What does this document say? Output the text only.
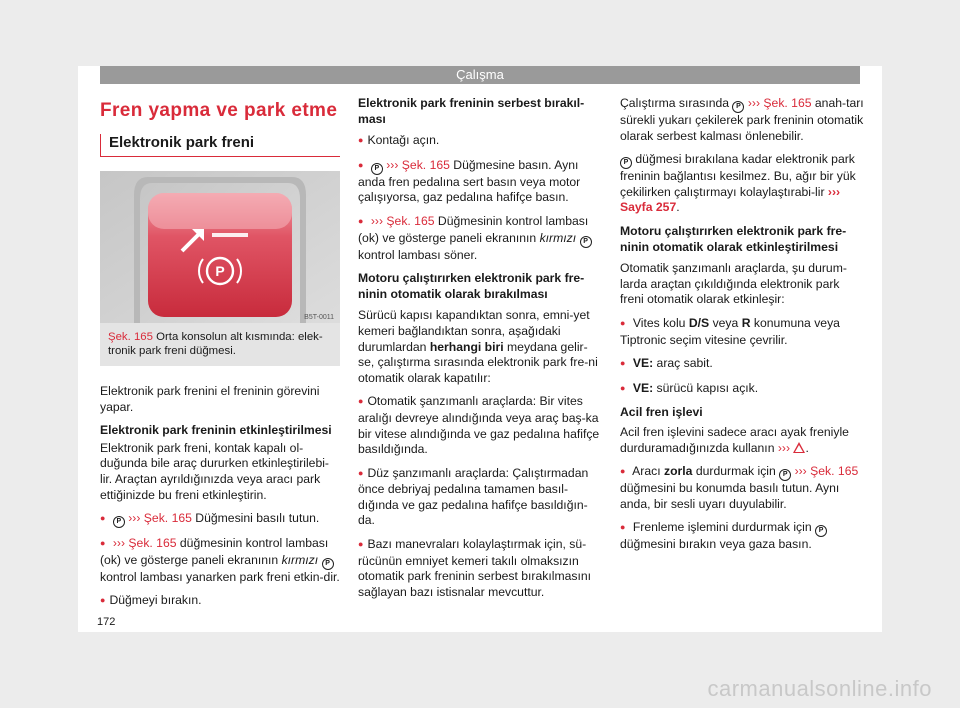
Çalışma
Fren yapma ve park etme
Elektronik park freni
P
B5T-0011
Şek. 165 Orta konsolun alt kısmında: elek-tronik park freni düğmesi.

Elektronik park frenini el freninin görevini yapar.

Elektronik park freninin etkinleştirilmesi

Elektronik park freni, kontak kapalı ol-duğunda bile araç dururken etkinleştirilebi-lir. Araçtan ayrıldığınızda veya aracı park ettiğinizde bu freni etkinleştirin.

● P ››› Şek. 165 Düğmesini basılı tutun.

● ››› Şek. 165 düğmesinin kontrol lambası (ok) ve gösterge paneli ekranının kırmızı P kontrol lambası yanarken park freni etkin-dir.

● Düğmeyi bırakın.

Elektronik park freninin serbest bırakıl-ması

● Kontağı açın.

● P ››› Şek. 165 Düğmesine basın. Aynı anda fren pedalına sert basın veya motor çalışıyorsa, gaz pedalına hafifçe basın.

● ››› Şek. 165 Düğmesinin kontrol lambası (ok) ve gösterge paneli ekranının kırmızı P kontrol lambası söner.

Motoru çalıştırırken elektronik park fre-ninin otomatik olarak bırakılması

Sürücü kapısı kapandıktan sonra, emni-yet kemeri bağlandıktan sonra, aşağıdaki durumlardan herhangi biri meydana gelir-se, çalıştırma sırasında elektronik park fre-ni otomatik olarak kapatılır:

● Otomatik şanzımanlı araçlarda: Bir vites aralığı devreye alındığında veya araç baş-ka bir vitese alındığında ve gaz pedalına hafifçe basıldığında.

● Düz şanzımanlı araçlarda: Çalıştırmadan önce debriyaj pedalına tamamen basıl-dığında ve gaz pedalına hafifçe basıldığın-da.

● Bazı manevraları kolaylaştırmak için, sü-rücünün emniyet kemeri takılı olmaksızın otomatik park freninin serbest bırakılmasını sağlayan bazı istisnalar mevcuttur.

Çalıştırma sırasında P ››› Şek. 165 anah-tarı sürekli yukarı çekilerek park freninin otomatik olarak serbest kalması önlenebilir.

P düğmesi bırakılana kadar elektronik park freninin bağlantısı kesilmez. Bu, ağır bir yük çekilirken çalıştırmayı kolaylaştırabi-lir ››› Sayfa 257.

Motoru çalıştırırken elektronik park fre-ninin otomatik olarak etkinleştirilmesi

Otomatik şanzımanlı araçlarda, şu durum-larda araçtan çıkıldığında elektronik park freni otomatik olarak etkinleşir:

● Vites kolu D/S veya R konumuna veya Tiptronic seçim vitesine çevrilir.

● VE: araç sabit.

● VE: sürücü kapısı açık.

Acil fren işlevi

Acil fren işlevini sadece aracı ayak freniyle durduramadığınızda kullanın ››› .

● Aracı zorla durdurmak için P ››› Şek. 165 düğmesini bu konumda basılı tutun. Aynı anda, bir sesli uyarı duyulabilir.

● Frenleme işlemini durdurmak için P düğmesini bırakın veya gaza basın.

172
carmanualsonline.info
